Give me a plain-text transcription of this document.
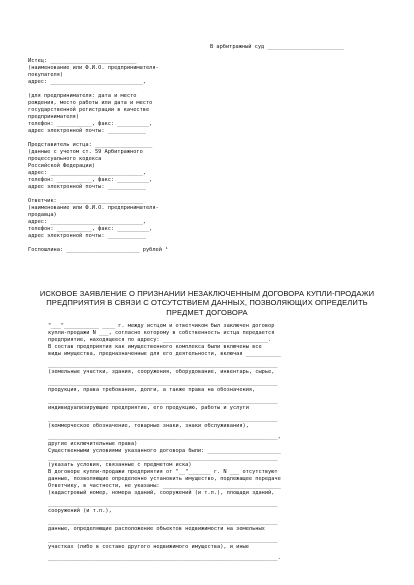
В арбитражный суд ________________________
Истец: ___________________________
(наименование или Ф.И.О. предпринимателя-
покупателя)
адрес: _____________________________,
(для предпринимателя: дата и место
рождения, место работы или дата и место
государственной регистрации в качестве
предпринимателя)
телефон: ___________, факс: __________,
адрес электронной почты: ____________
Представитель истца: __________________
(данные с учетом ст. 59 Арбитражного
процессуального кодекса
Российской Федерации)
адрес: _____________________________,
телефон: ___________, факс: __________,
адрес электронной почты: ____________
Ответчик: __________________________
(наименование или Ф.И.О. предпринимателя-
продавца)
адрес: _____________________________,
телефон: ___________, факс: __________,
адрес электронной почты: ____________
Госпошлина: _______________________ рублей ¹
ИСКОВОЕ ЗАЯВЛЕНИЕ О ПРИЗНАНИИ НЕЗАКЛЮЧЕННЫМ ДОГОВОРА КУПЛИ-ПРОДАЖИ
ПРЕДПРИЯТИЯ В СВЯЗИ С ОТСУТСТВИЕМ ДАННЫХ, ПОЗВОЛЯЮЩИХ ОПРЕДЕЛИТЬ
ПРЕДМЕТ ДОГОВОРА
"___"___________ ____ г. между истцом и ответчиком был заключен договор
купли-продажи N ___, согласно которому в собственность истца передается
предприятие, находящееся по адресу: _________________________________.
В состав предприятия как имущественного комплекса были включены все
виды имущества, предназначенные для его деятельности, включая ___________
________________________________________________________________________
(земельные участки, здания, сооружения, оборудование, инвентарь, сырье,
________________________________________________________________________
продукция, права требования, долги, а также права на обозначения,
________________________________________________________________________
индивидуализирующие предприятие, его продукцию, работы и услуги
________________________________________________________________________
(коммерческое обозначение, товарные знаки, знаки обслуживания),
________________________________________________________________________,
другие исключительные права)
Существенными условиями указанного договора были: _______________________
________________________________________________________________________
(указать условия, связанные с предметом иска)
В договоре купли-продажи предприятия от "__"_______ г. N ___ отсутствуют
данные, позволяющие определенно установить имущество, подлежащее передаче
Ответчику, в частности, не указаны: _____________________________________
(кадастровый номер, номера зданий, сооружений (и т.п.), площади зданий,
________________________________________________________________________
сооружений (и т.п.),
________________________________________________________________________
данные, определяющие расположение объектов недвижимости на земельных
________________________________________________________________________
участках (либо в составе другого недвижимого имущества), и иные
________________________________________________________________________.
